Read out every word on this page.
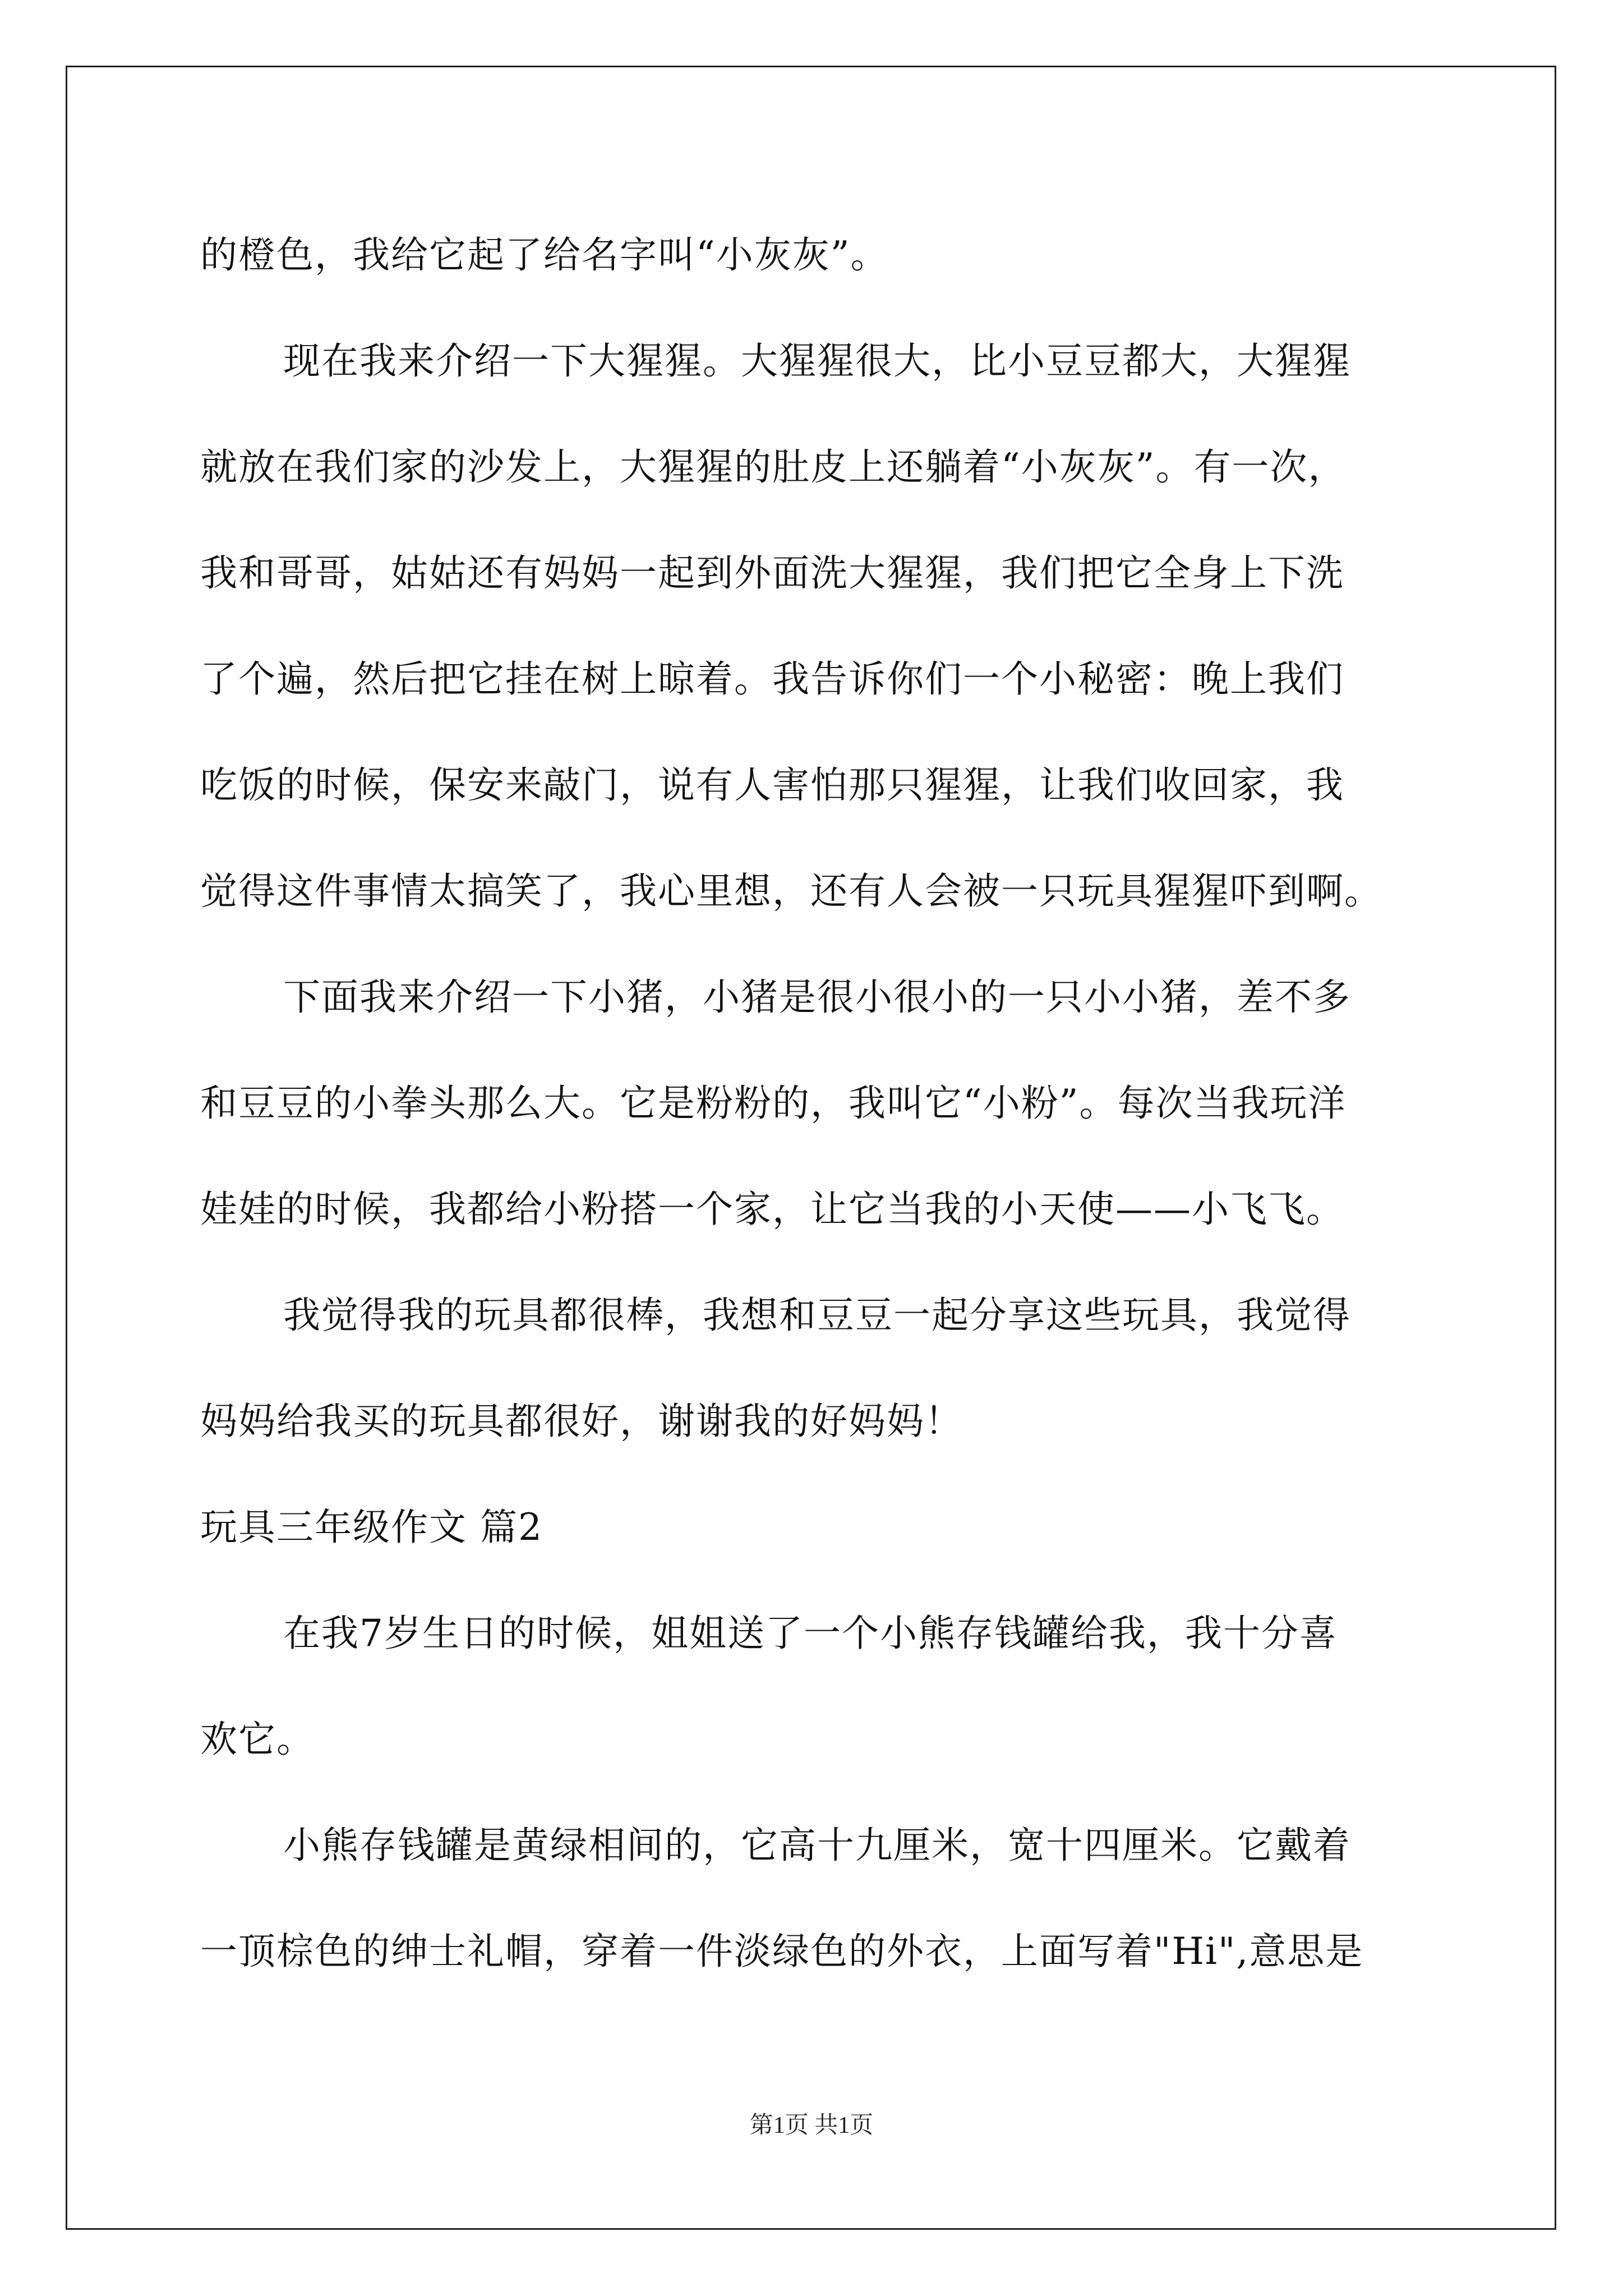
的橙色，我给它起了给名字叫“小灰灰”。
现在我来介绍一下大猩猩。大猩猩很大，比小豆豆都大，大猩猩
就放在我们家的沙发上，大猩猩的肚皮上还躺着“小灰灰”。有一次，
我和哥哥，姑姑还有妈妈一起到外面洗大猩猩，我们把它全身上下洗
了个遍，然后把它挂在树上晾着。我告诉你们一个小秘密：晚上我们
吃饭的时候，保安来敲门，说有人害怕那只猩猩，让我们收回家，我
觉得这件事情太搞笑了，我心里想，还有人会被一只玩具猩猩吓到啊。
下面我来介绍一下小猪，小猪是很小很小的一只小小猪，差不多
和豆豆的小拳头那么大。它是粉粉的，我叫它“小粉”。每次当我玩洋
娃娃的时候，我都给小粉搭一个家，让它当我的小天使——小飞飞。
我觉得我的玩具都很棒，我想和豆豆一起分享这些玩具，我觉得
妈妈给我买的玩具都很好，谢谢我的好妈妈！
玩具三年级作文 篇2
在我7岁生日的时候，姐姐送了一个小熊存钱罐给我，我十分喜
欢它。
小熊存钱罐是黄绿相间的，它高十九厘米，宽十四厘米。它戴着
一顶棕色的绅士礼帽，穿着一件淡绿色的外衣，上面写着"Hi",意思是
第1页 共1页
